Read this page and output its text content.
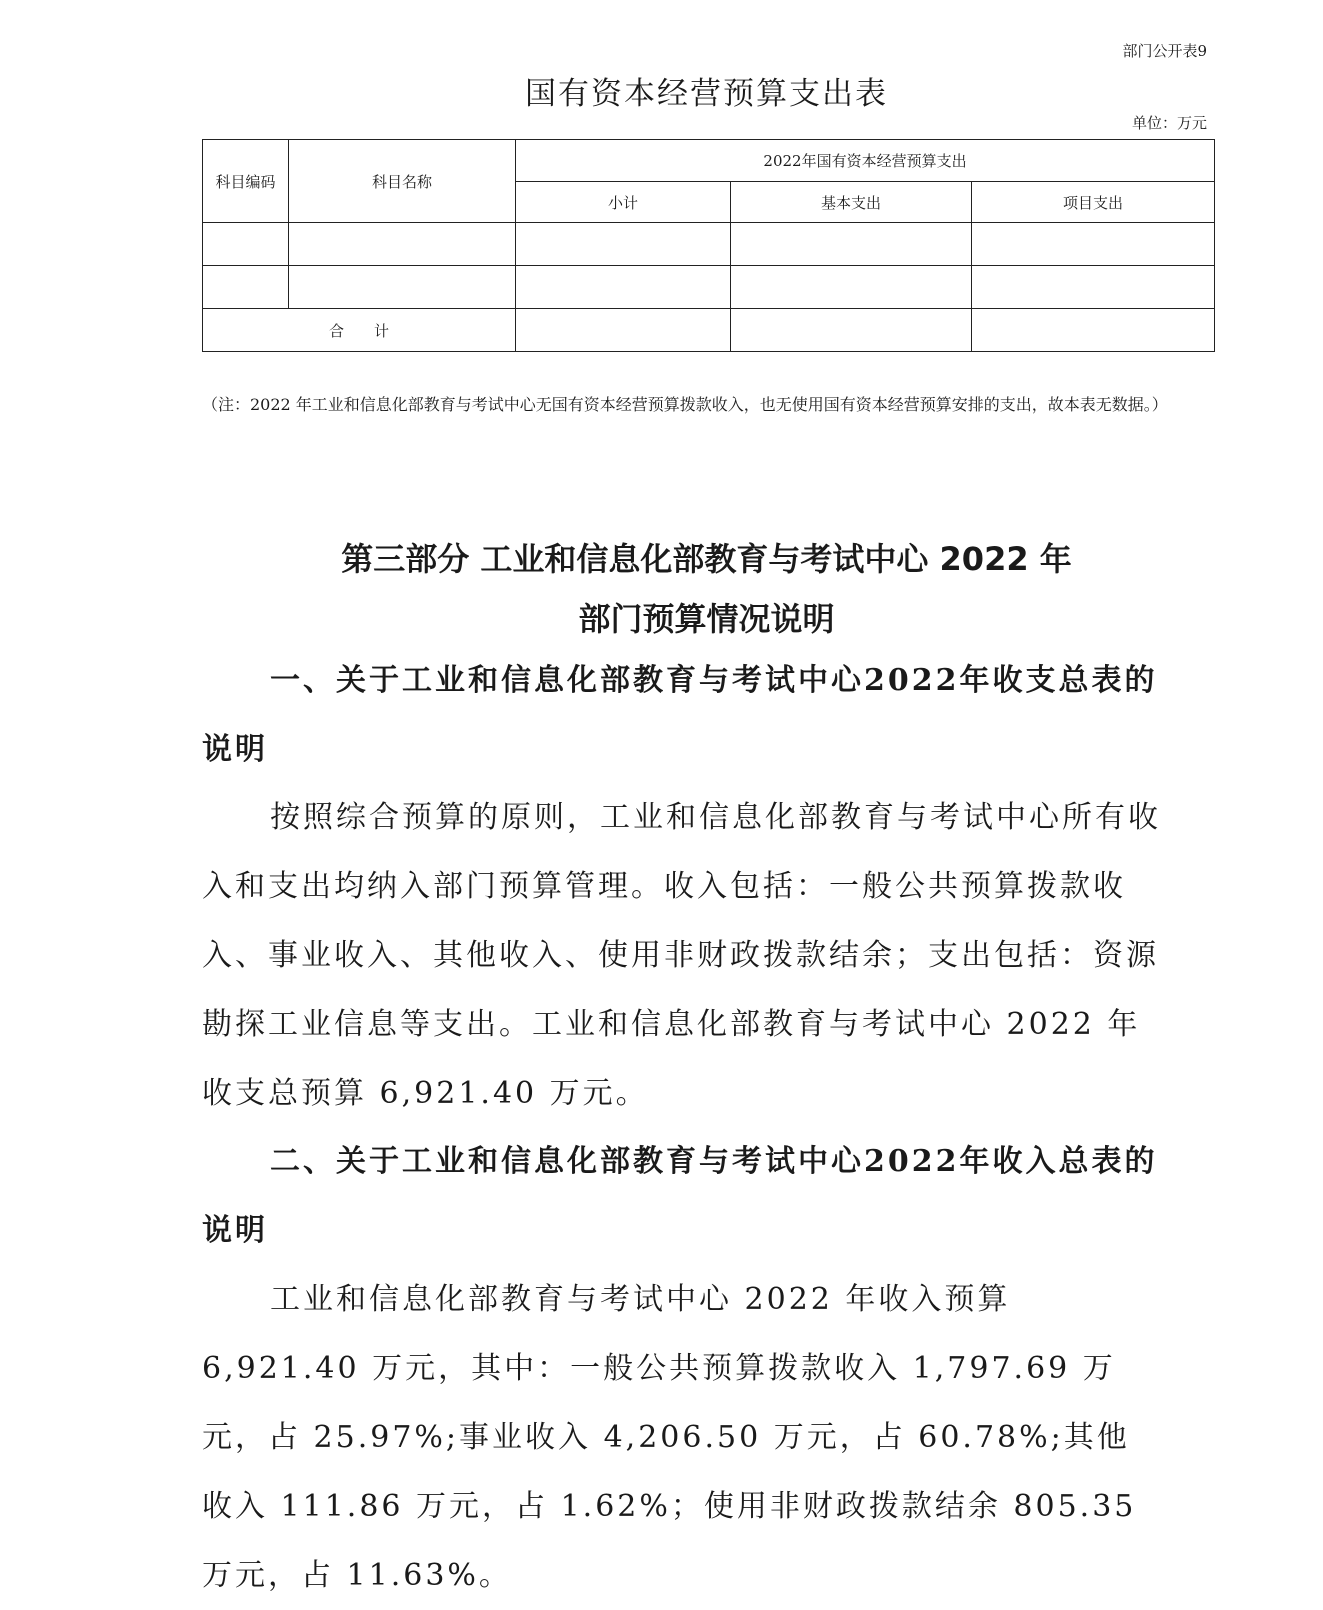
部门公开表9
国有资本经营预算支出表
单位：万元
科目编码	科目名称	2022年国有资本经营预算支出		
		小计	基本支出	项目支出

合　　计				
（注：2022 年工业和信息化部教育与考试中心无国有资本经营预算拨款收入，也无使用国有资本经营预算安排的支出，故本表无数据。）
第三部分 工业和信息化部教育与考试中心 2022 年
部门预算情况说明
一、关于工业和信息化部教育与考试中心2022年收支总表的说明
按照综合预算的原则，工业和信息化部教育与考试中心所有收入和支出均纳入部门预算管理。收入包括：一般公共预算拨款收入、事业收入、其他收入、使用非财政拨款结余；支出包括：资源勘探工业信息等支出。工业和信息化部教育与考试中心 2022 年收支总预算 6,921.40 万元。
二、关于工业和信息化部教育与考试中心2022年收入总表的说明
工业和信息化部教育与考试中心 2022 年收入预算 6,921.40 万元，其中：一般公共预算拨款收入 1,797.69 万元，占 25.97%;事业收入 4,206.50 万元，占 60.78%;其他收入 111.86 万元，占 1.62%；使用非财政拨款结余 805.35 万元，占 11.63%。
